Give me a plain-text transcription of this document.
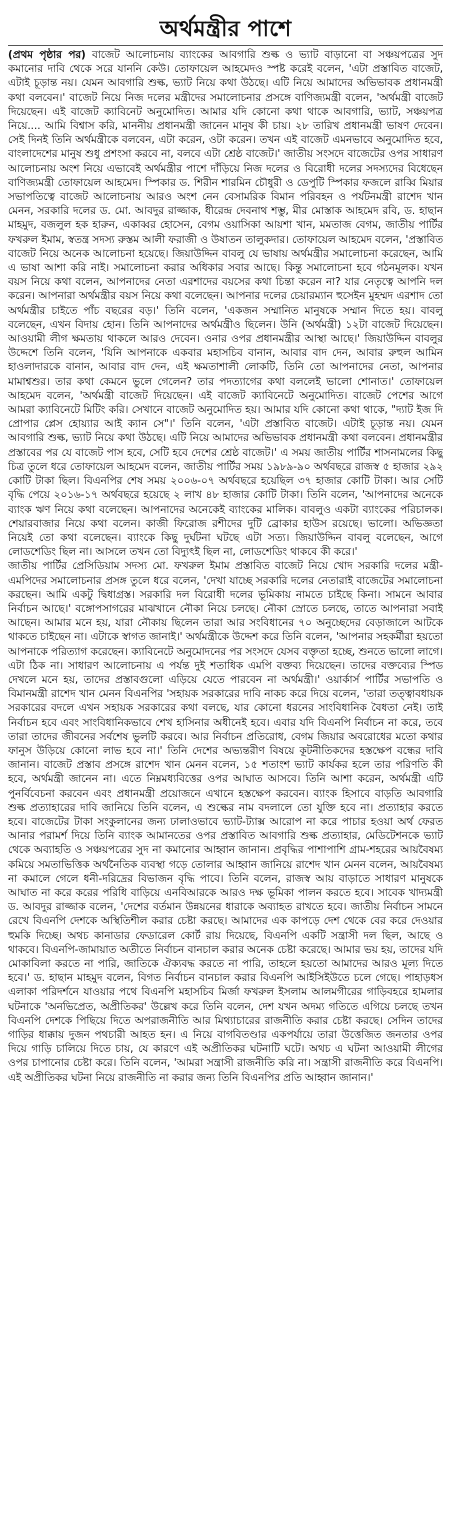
অর্থমন্ত্রীর পাশে

(প্রথম পৃষ্ঠার পর) বাজেট আলোচনায় ব্যাংকের আবগারি শুল্ক ও ভ্যাট বাড়ানো বা সঞ্চয়পত্রের সুদ কমানোর দাবি থেকে সরে যাননি কেউ। তোফায়েল আহমেদও স্পষ্ট করেই বলেন, 'এটা প্রস্তাবিত বাজেট, এটাই চূড়ান্ত নয়। যেমন আবগারি শুল্ক, ভ্যাট নিয়ে কথা উঠছে। এটি নিয়ে আমাদের অভিভাবক প্রধানমন্ত্রী কথা বলবেন।' বাজেট নিয়ে নিজ দলের মন্ত্রীদের সমালোচনার প্রসঙ্গে বাণিজ্যমন্ত্রী বলেন, 'অর্থমন্ত্রী বাজেট দিয়েছেন। এই বাজেট ক্যাবিনেট অনুমোদিত। আমার যদি কোনো কথা থাকে আবগারি, ভ্যাট, সঞ্চয়পত্র নিয়ে.... আমি বিশ্বাস করি, মাননীয় প্রধানমন্ত্রী জানেন মানুষ কী চায়। ২৮ তারিখ প্রধানমন্ত্রী ভাষণ দেবেন। সেই দিনই তিনি অর্থমন্ত্রীকে বলবেন, এটা করেন, ওটা করেন। তখন এই বাজেট এমনভাবে অনুমোদিত হবে, বাংলাদেশের মানুষ শুধু প্রশংসা করবে না, বলবে এটা শ্রেষ্ঠ বাজেট।' জাতীয় সংসদে বাজেটের ওপর সাধারণ আলোচনায় অংশ নিয়ে এভাবেই অর্থমন্ত্রীর পাশে দাঁড়িয়ে নিজ দলের ও বিরোধী দলের সদস্যদের বিধেছেন বাণিজ্যমন্ত্রী তোফায়েল আহমেদ। স্পিকার ড. শিরীন শারমিন চৌধুরী ও ডেপুটি স্পিকার ফজলে রাব্বি মিয়ার সভাপতিত্বে বাজেট আলোচনায় আরও অংশ নেন বেসামরিক বিমান পরিবহন ও পর্যটনমন্ত্রী রাশেদ খান মেনন, সরকারি দলের ড. মো. আবদুর রাজ্জাক, ধীরেন্দ্র দেবনাথ শম্ভু, মীর মোস্তাক আহমেদ রবি, ড. হাছান মাহমুদ, বজলুল হক হারুন, একাব্বর হোসেন, বেগম ওয়াসিকা আয়শা খান, মমতাজ বেগম, জাতীয় পার্টির ফখরুল ইমাম, স্বতন্ত্র সদস্য রুস্তম আলী ফরাজী ও উষাতন তালুকদার। তোফায়েল আহমেদ বলেন, 'প্রস্তাবিত বাজেট নিয়ে অনেক আলোচনা হয়েছে। জিয়াউদ্দিন বাবলু যে ভাষায় অর্থমন্ত্রীর সমালোচনা করেছেন, আমি এ ভাষা আশা করি নাই। সমালোচনা করার অধিকার সবার আছে। কিন্তু সমালোচনা হবে গঠনমূলক। যখন বয়স নিয়ে কথা বলেন, আপনাদের নেতা এরশাদের বয়সের কথা চিন্তা করেন না? যার নেতৃত্বে আপনি দল করেন। আপনারা অর্থমন্ত্রীর বয়স নিয়ে কথা বলেছেন। আপনার দলের চেয়ারম্যান হুসেইন মুহম্মদ এরশাদ তো অর্থমন্ত্রীর চাইতে পাঁচ বছরের বড়।' তিনি বলেন, 'একজন সম্মানিত মানুষকে সম্মান দিতে হয়। বাবলু বলেছেন, এখন বিদায় হোন। তিনি আপনাদের অর্থমন্ত্রীও ছিলেন। উনি (অর্থমন্ত্রী) ১২টা বাজেট দিয়েছেন। আওয়ামী লীগ ক্ষমতায় থাকলে আরও দেবেন। ওনার ওপর প্রধানমন্ত্রীর আস্থা আছে।' জিয়াউদ্দিন বাবলুর উদ্দেশে তিনি বলেন, 'যিনি আপনাকে একবার মহাসচিব বানান, আবার বাদ দেন, আবার রুহুল আমিন হাওলাদারকে বানান, আবার বাদ দেন, এই ক্ষমতাশালী লোকটি, তিনি তো আপনাদের নেতা, আপনার মামাশ্বশুর। তার কথা কেমনে ভুলে গেলেন? তার পদত্যাগের কথা বললেই ভালো শোনাত।' তোফায়েল আহমেদ বলেন, 'অর্থমন্ত্রী বাজেট দিয়েছেন। এই বাজেট ক্যাবিনেটে অনুমোদিত। বাজেট পেশের আগে আমরা ক্যাবিনেটে মিটিং করি। সেখানে বাজেট অনুমোদিত হয়। আমার যদি কোনো কথা থাকে, "দ্যাট ইজ দি প্রোপার প্লেস হোয়্যার আই ক্যান সে"।' তিনি বলেন, 'এটা প্রস্তাবিত বাজেট। এটাই চূড়ান্ত নয়। যেমন আবগারি শুল্ক, ভ্যাট নিয়ে কথা উঠছে। এটি নিয়ে আমাদের অভিভাবক প্রধানমন্ত্রী কথা বলবেন। প্রধানমন্ত্রীর প্রস্তাবের পর যে বাজেট পাস হবে, সেটি হবে দেশের শ্রেষ্ঠ বাজেট।' এ সময় জাতীয় পার্টির শাসনামলের কিছু চিত্র তুলে ধরে তোফায়েল আহমেদ বলেন, জাতীয় পার্টির সময় ১৯৮৯-৯০ অর্থবছরে রাজস্ব ৫ হাজার ২৯২ কোটি টাকা ছিল। বিএনপির শেষ সময় ২০০৬-০৭ অর্থবছরে হয়েছিল ৩৭ হাজার কোটি টাকা। আর সেটি বৃদ্ধি পেয়ে ২০১৬-১৭ অর্থবছরে হয়েছে ২ লাখ ৪৮ হাজার কোটি টাকা। তিনি বলেন, 'আপনাদের অনেকে ব্যাংক ঋণ নিয়ে কথা বলেছেন। আপনাদের অনেকেই ব্যাংকের মালিক। বাবলুও একটা ব্যাংকের পরিচালক। শেয়ারবাজার নিয়ে কথা বলেন। কাজী ফিরোজ রশীদের দুটি ব্রোকার হাউস রয়েছে। ভালো। অভিজ্ঞতা নিয়েই তো কথা বলেছেন। ব্যাংকে কিছু দুর্ঘটনা ঘটছে এটা সত্য। জিয়াউদ্দিন বাবলু বলেছেন, আগে লোডশেডিং ছিল না। আসলে তখন তো বিদ্যুৎই ছিল না, লোডশেডিং থাকবে কী করে।'

জাতীয় পার্টির প্রেসিডিয়াম সদস্য মো. ফখরুল ইমাম প্রস্তাবিত বাজেট নিয়ে খোদ সরকারি দলের মন্ত্রী-এমপিদের সমালোচনার প্রসঙ্গ তুলে ধরে বলেন, 'দেখা যাচ্ছে সরকারি দলের নেতারাই বাজেটের সমালোচনা করছেন। আমি একটু দ্বিধাগ্রস্ত। সরকারি দল বিরোধী দলের ভূমিকায় নামতে চাইছে কিনা। সামনে আবার নির্বাচন আছে।' বঙ্গোপসাগরের মাঝখানে নৌকা নিয়ে চলছে। নৌকা স্রোতে চলছে, তাতে আপনারা সবাই আছেন। আমার মনে হয়, যারা নৌকায় ছিলেন তারা আর সংবিধানের ৭০ অনুচ্ছেদের বেড়াজালে আটকে থাকতে চাইছেন না। এটাকে স্বাগত জানাই।' অর্থমন্ত্রীকে উদ্দেশ করে তিনি বলেন, 'আপনার সহকর্মীরা হয়তো আপনাকে পরিত্যাগ করেছেন। ক্যাবিনেটে অনুমোদনের পর সংসদে যেসব বক্তৃতা হচ্ছে, শুনতে ভালো লাগে। এটা ঠিক না। সাধারণ আলোচনায় এ পর্যন্ত দুই শতাধিক এমপি বক্তব্য দিয়েছেন। তাদের বক্তব্যের স্পিড দেখলে মনে হয়, তাদের প্রস্তাবগুলো এড়িয়ে যেতে পারবেন না অর্থমন্ত্রী।' ওয়ার্কার্স পার্টির সভাপতি ও বিমানমন্ত্রী রাশেদ খান মেনন বিএনপির 'সহায়ক সরকারের দাবি নাকচ করে দিয়ে বলেন, 'তারা তত্ত্বাবধায়ক সরকারের বদলে এখন সহায়ক সরকারের কথা বলছে, যার কোনো ধরনের সাংবিধানিক বৈধতা নেই। তাই নির্বাচন হবে এবং সাংবিধানিকভাবে শেখ হাসিনার অধীনেই হবে। এবার যদি বিএনপি নির্বাচন না করে, তবে তারা তাদের জীবনের সর্বশেষ ভুলটি করবে। আর নির্বাচন প্রতিরোধ, বেগম জিয়ার অবরোধের মতো কথার ফানুস উড়িয়ে কোনো লাভ হবে না।' তিনি দেশের অভ্যন্তরীণ বিষয়ে কূটনীতিকদের হস্তক্ষেপ বন্ধের দাবি জানান। বাজেট প্রস্তাব প্রসঙ্গে রাশেদ খান মেনন বলেন, ১৫ শতাংশ ভ্যাট কার্যকর হলে তার পরিণতি কী হবে, অর্থমন্ত্রী জানেন না। এতে নিম্নমধ্যবিত্তের ওপর আঘাত আসবে। তিনি আশা করেন, অর্থমন্ত্রী এটি পুনর্বিবেচনা করবেন এবং প্রধানমন্ত্রী প্রয়োজনে এখানে হস্তক্ষেপ করবেন। ব্যাংক হিসাবে বাড়তি আবগারি শুল্ক প্রত্যাহারের দাবি জানিয়ে তিনি বলেন, এ শুল্কের নাম বদলালে তো যুক্তি হবে না। প্রত্যাহার করতে হবে। বাজেটের টাকা সংকুলানের জন্য ঢালাওভাবে ভ্যাট-ট্যাক্স আরোপ না করে পাচার হওয়া অর্থ ফেরত আনার পরামর্শ দিয়ে তিনি ব্যাংক আমানতের ওপর প্রস্তাবিত আবগারি শুল্ক প্রত্যাহার, মেডিটেশনকে ভ্যাট থেকে অব্যাহতি ও সঞ্চয়পত্রের সুদ না কমানোর আহ্বান জানান। প্রবৃদ্ধির পাশাপাশি গ্রাম-শহরের আয়বৈষম্য কমিয়ে সমতাভিত্তিক অর্থনৈতিক ব্যবস্থা গড়ে তোলার আহ্বান জানিয়ে রাশেদ খান মেনন বলেন, আয়বৈষম্য না কমালে গেলে ধনী-দরিদ্রের বিভাজন বৃদ্ধি পাবে। তিনি বলেন, রাজস্ব আয় বাড়াতে সাধারণ মানুষকে আঘাত না করে করের পরিধি বাড়িয়ে এনবিআরকে আরও দক্ষ ভূমিকা পালন করতে হবে। সাবেক খাদ্যমন্ত্রী ড. আবদুর রাজ্জাক বলেন, 'দেশের বর্তমান উন্নয়নের ধারাকে অব্যাহত রাখতে হবে। জাতীয় নির্বাচন সামনে রেখে বিএনপি দেশকে অস্থিতিশীল করার চেষ্টা করছে। আমাদের এক কাপড়ে দেশ থেকে বের করে দেওয়ার হুমকি দিচ্ছে। অথচ কানাডার ফেডারেল কোর্ট রায় দিয়েছে, বিএনপি একটি সন্ত্রাসী দল ছিল, আছে ও থাকবে। বিএনপি-জামায়াত অতীতে নির্বাচন বানচাল করার অনেক চেষ্টা করেছে। আমার ভয় হয়, তাদের যদি মোকাবিলা করতে না পারি, জাতিকে ঐক্যবদ্ধ করতে না পারি, তাহলে হয়তো আমাদের আরও মূল্য দিতে হবে।' ড. হাছান মাহমুদ বলেন, বিগত নির্বাচন বানচাল করার বিএনপি আইসিইউতে চলে গেছে। পাহাড়ধস এলাকা পরিদর্শনে যাওয়ার পথে বিএনপি মহাসচিব মির্জা ফখরুল ইসলাম আলমগীরের গাড়িবহরে হামলার ঘটনাকে 'অনভিপ্রেত, অপ্রীতিকর' উল্লেখ করে তিনি বলেন, দেশ যখন অদম্য গতিতে এগিয়ে চলছে তখন বিএনপি দেশকে পিছিয়ে দিতে অপরাজনীতি আর মিথ্যাচারের রাজনীতি করার চেষ্টা করছে। সেদিন তাদের গাড়ির ধাক্কায় দুজন পথচারী আহত হন। এ নিয়ে বাগবিতণ্ডার একপর্যায়ে তারা উত্তেজিত জনতার ওপর দিয়ে গাড়ি চালিয়ে দিতে চায়, যে কারণে এই অপ্রীতিকর ঘটনাটি ঘটে। অথচ এ ঘটনা আওয়ামী লীগের ওপর চাপানোর চেষ্টা করে। তিনি বলেন, 'আমরা সন্ত্রাসী রাজনীতি করি না। সন্ত্রাসী রাজনীতি করে বিএনপি। এই অপ্রীতিকর ঘটনা নিয়ে রাজনীতি না করার জন্য তিনি বিএনপির প্রতি আহ্বান জানান।'
